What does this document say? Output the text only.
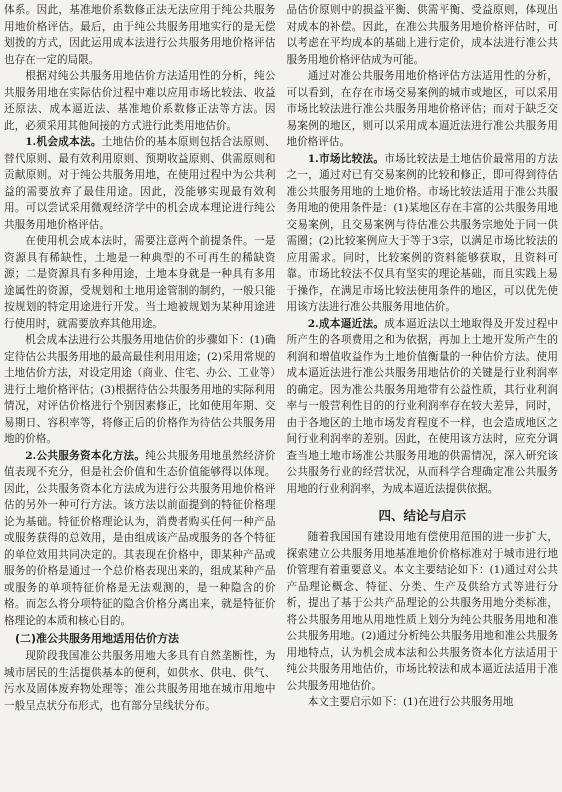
体系。因此，基准地价系数修正法无法应用于纯公共服务用地价格评估。最后，由于纯公共服务用地实行的是无偿划拨的方式，因此运用成本法进行公共服务用地价格评估也存在一定的局限。

根据对纯公共服务用地估价方法适用性的分析，纯公共服务用地在实际估价过程中难以应用市场比较法、收益还原法、成本逼近法、基准地价系数修正法等方法。因此，必须采用其他间接的方式进行此类用地估价。

1.机会成本法。土地估价的基本原则包括合法原则、替代原则、最有效利用原则、预期收益原则、供需原则和贡献原则。对于纯公共服务用地，在使用过程中为公共利益的需要放弃了最佳用途。因此，没能够实现最有效利用。可以尝试采用微观经济学中的机会成本理论进行纯公共服务用地价格评估。

在使用机会成本法时，需要注意两个前提条件。一是资源具有稀缺性，土地是一种典型的不可再生的稀缺资源；二是资源具有多种用途，土地本身就是一种具有多用途属性的资源，受规划和土地用途管制的制约，一般只能按规划的特定用途进行开发。当土地被规划为某种用途进行使用时，就需要放弃其他用途。

机会成本法进行公共服务用地估价的步骤如下：(1)确定待估公共服务用地的最高最佳利用用途；(2)采用常规的土地估价方法，对设定用途（商业、住宅、办公、工业等）进行土地价格评估；(3)根据待估公共服务用地的实际利用情况，对评估价格进行个别因素修正，比如使用年期、交易期日、容积率等，将修正后的价格作为待估公共服务用地的价格。

2.公共服务资本化方法。纯公共服务用地虽然经济价值表现不充分，但是社会价值和生态价值能够得以体现。因此，公共服务资本化方法成为进行公共服务用地价格评估的另外一种可行方法。该方法以前面提到的特征价格理论为基础。特征价格理论认为，消费者购买任何一种产品或服务获得的总效用，是由组成该产品或服务的各个特征的单位效用共同决定的。其表现在价格中，即某种产品或服务的价格是通过一个总价格表现出来的，组成某种产品或服务的单项特征价格是无法观测的，是一种隐含的价格。而怎么将分项特征的隐含价格分离出来，就是特征价格理论的本质和核心目的。

(二)准公共服务用地适用估价方法

现阶段我国准公共服务用地大多具有自然垄断性，为城市居民的生活提供基本的便利，如供水、供电、供气、污水及固体废弃物处理等；准公共服务用地在城市用地中一般呈点状分布形式，也有部分呈线状分布。

品估价原则中的损益平衡、供需平衡、受益原则，体现出对成本的补偿。因此，在准公共服务用地价格评估时，可以考虑在平均成本的基础上进行定价，成本法进行准公共服务用地价格评估成为可能。

通过对准公共服务用地价格评估方法适用性的分析，可以看到，在存在市场交易案例的城市或地区，可以采用市场比较法进行准公共服务用地价格评估；而对于缺乏交易案例的地区，则可以采用成本逼近法进行准公共服务用地价格评估。

1.市场比较法。市场比较法是土地估价最常用的方法之一，通过对已有交易案例的比较和修正，即可得到待估准公共服务用地的土地价格。市场比较法适用于准公共服务用地的使用条件是：(1)某地区存在丰富的公共服务用地交易案例，且交易案例与待估准公共服务宗地处于同一供需圈；(2)比较案例应大于等于3宗，以满足市场比较法的应用需求。同时，比较案例的资料能够获取，且资料可靠。市场比较法不仅具有坚实的理论基础，而且实践上易于操作，在满足市场比较法使用条件的地区，可以优先使用该方法进行准公共服务用地估价。

2.成本逼近法。成本逼近法以土地取得及开发过程中所产生的各项费用之和为依据，再加上土地开发所产生的利润和增值收益作为土地价值衡量的一种估价方法。使用成本逼近法进行准公共服务用地估价的关键是行业利润率的确定。因为准公共服务用地带有公益性质，其行业利润率与一般营利性目的的行业利润率存在较大差异，同时，由于各地区的土地市场发育程度不一样，也会造成地区之间行业利润率的差别。因此，在使用该方法时，应充分调查当地土地市场准公共服务用地的供需情况，深入研究该公共服务行业的经营状况，从而科学合理确定准公共服务用地的行业利润率，为成本逼近法提供依据。

四、结论与启示

随着我国国有建设用地有偿使用范围的进一步扩大，探索建立公共服务用地基准地价价格标准对于城市进行地价管理有着重要意义。本文主要结论如下：(1)通过对公共产品理论概念、特征、分类、生产及供给方式等进行分析，提出了基于公共产品理论的公共服务用地分类标准，将公共服务用地从用地性质上划分为纯公共服务用地和准公共服务用地。(2)通过分析纯公共服务用地和准公共服务用地特点，认为机会成本法和公共服务资本化方法适用于纯公共服务用地估价，市场比较法和成本逼近法适用于准公共服务用地估价。

本文主要启示如下：(1)在进行公共服务用地
